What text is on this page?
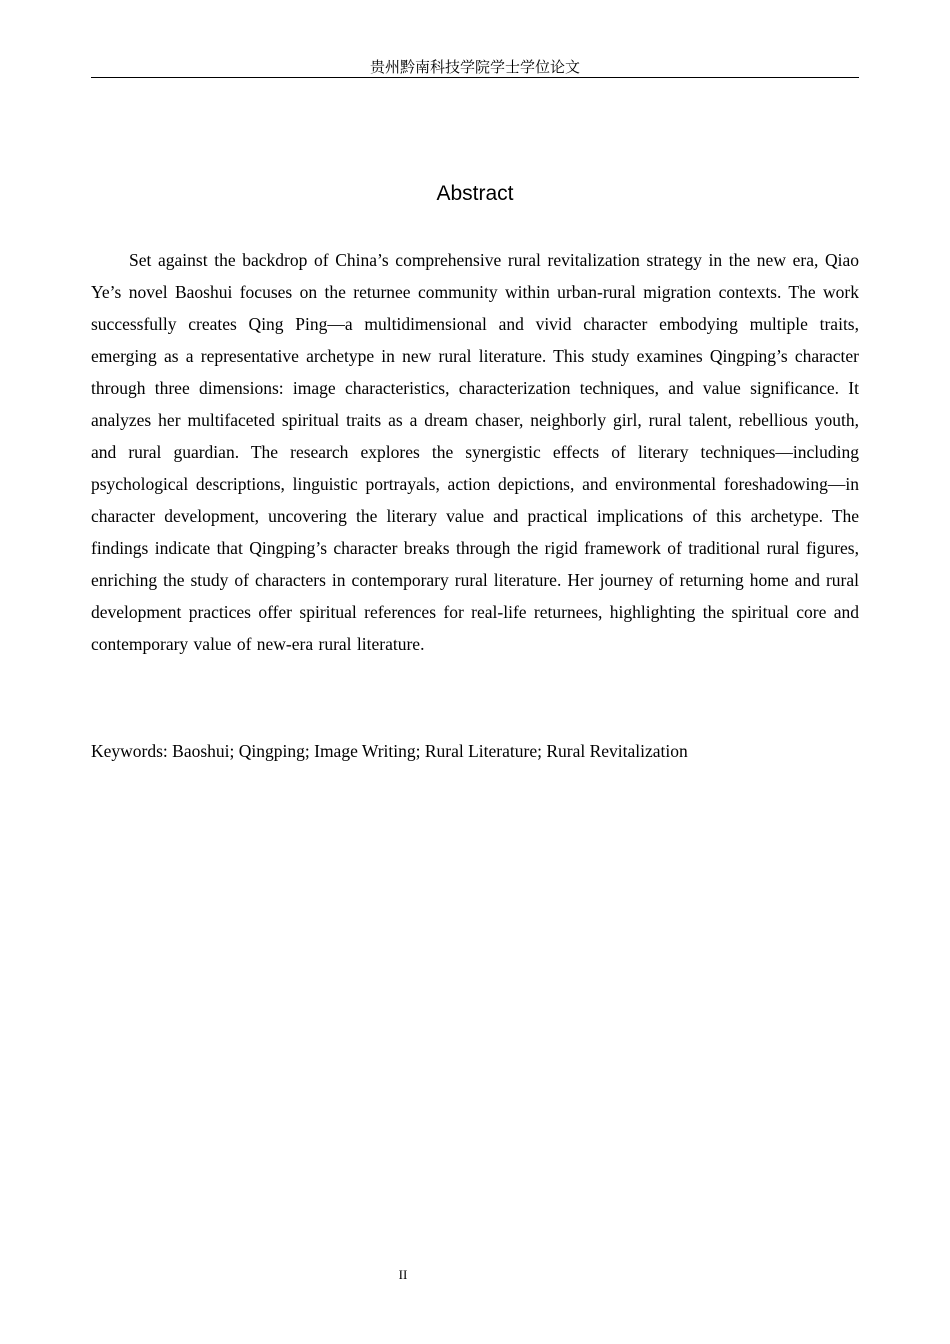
贵州黔南科技学院学士学位论文
Abstract

Set against the backdrop of China’s comprehensive rural revitalization strategy in the new era, Qiao Ye’s novel Baoshui focuses on the returnee community within urban-rural migration contexts. The work successfully creates Qing Ping—a multidimensional and vivid character embodying multiple traits, emerging as a representative archetype in new rural literature. This study examines Qingping’s character through three dimensions: image characteristics, characterization techniques, and value significance. It analyzes her multifaceted spiritual traits as a dream chaser, neighborly girl, rural talent, rebellious youth, and rural guardian. The research explores the synergistic effects of literary techniques—including psychological descriptions, linguistic portrayals, action depictions, and environmental foreshadowing—in character development, uncovering the literary value and practical implications of this archetype. The findings indicate that Qingping’s character breaks through the rigid framework of traditional rural figures, enriching the study of characters in contemporary rural literature. Her journey of returning home and rural development practices offer spiritual references for real-life returnees, highlighting the spiritual core and contemporary value of new-era rural literature.

Keywords: Baoshui; Qingping; Image Writing; Rural Literature; Rural Revitalization

II
